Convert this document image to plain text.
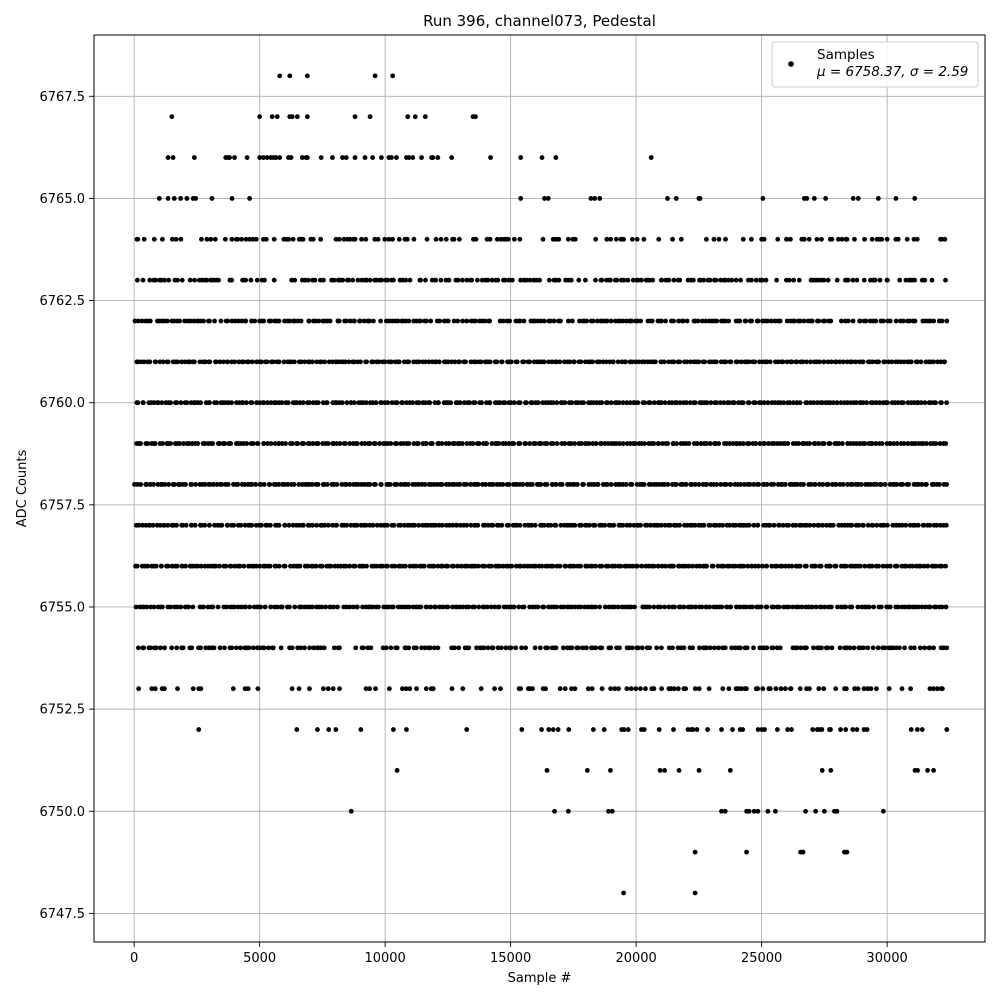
0	5000	10000	15000	20000	25000	30000
6747.5
6750.0
6752.5
6755.0
6757.5
6760.0
6762.5
6765.0
6767.5
Run 396, channel073, Pedestal
Sample #
ADC Counts
Samples
μ = 6758.37, σ = 2.59
